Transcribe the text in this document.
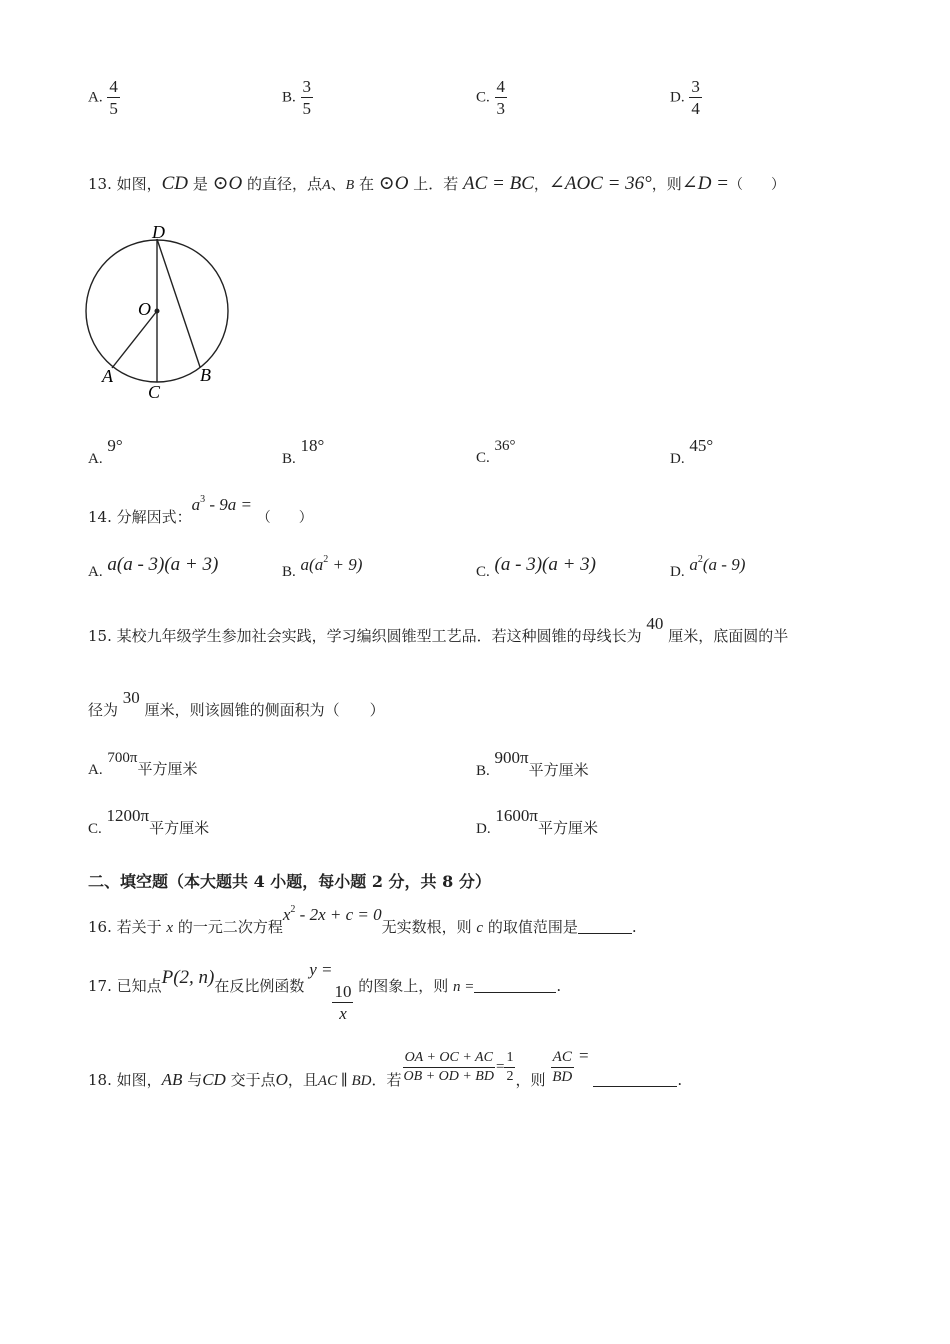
A. $\frac{4}{5}$	B. $\frac{3}{5}$	C. $\frac{4}{3}$	D. $\frac{3}{4}$
13. 如图，CD 是 ⊙O 的直径，点A、B 在 ⊙O 上．若 AC = BC，∠AOC = 36°，则∠D =（　　）
D
O
A	B
C
A. 9°
B. 18°
C. 36°
D. 45°
14. 分解因式：$a^3 - 9a$ = （　　）
A. a(a - 3)(a + 3)	B. $a(a^2 + 9)$	C. (a - 3)(a + 3)	D. $a^2(a - 9)$
15. 某校九年级学生参加社会实践，学习编织圆锥型工艺品．若这种圆锥的母线长为 40 厘米，底面圆的半
径为 30 厘米，则该圆锥的侧面积为（　　）
A. 700π平方厘米	B. 900π平方厘米
C. 1200π平方厘米	D. 1600π平方厘米
二、填空题（本大题共 4 小题，每小题 2 分，共 8 分）
16. 若关于 x 的一元二次方程$x^2 - 2x + c = 0$无实数根，则 c 的取值范围是	.
17. 已知点P(2, n)在反比例函数 y =
$\frac{10}{x}$ 的图象上，则 n =	.
18. 如图，AB 与CD 交于点O，且AC ∥ BD．若 $\frac{OA + OC + AC}{OB + OD + BD} = \frac{1}{2}$ ，则 $\frac{AC}{BD}$ = .
